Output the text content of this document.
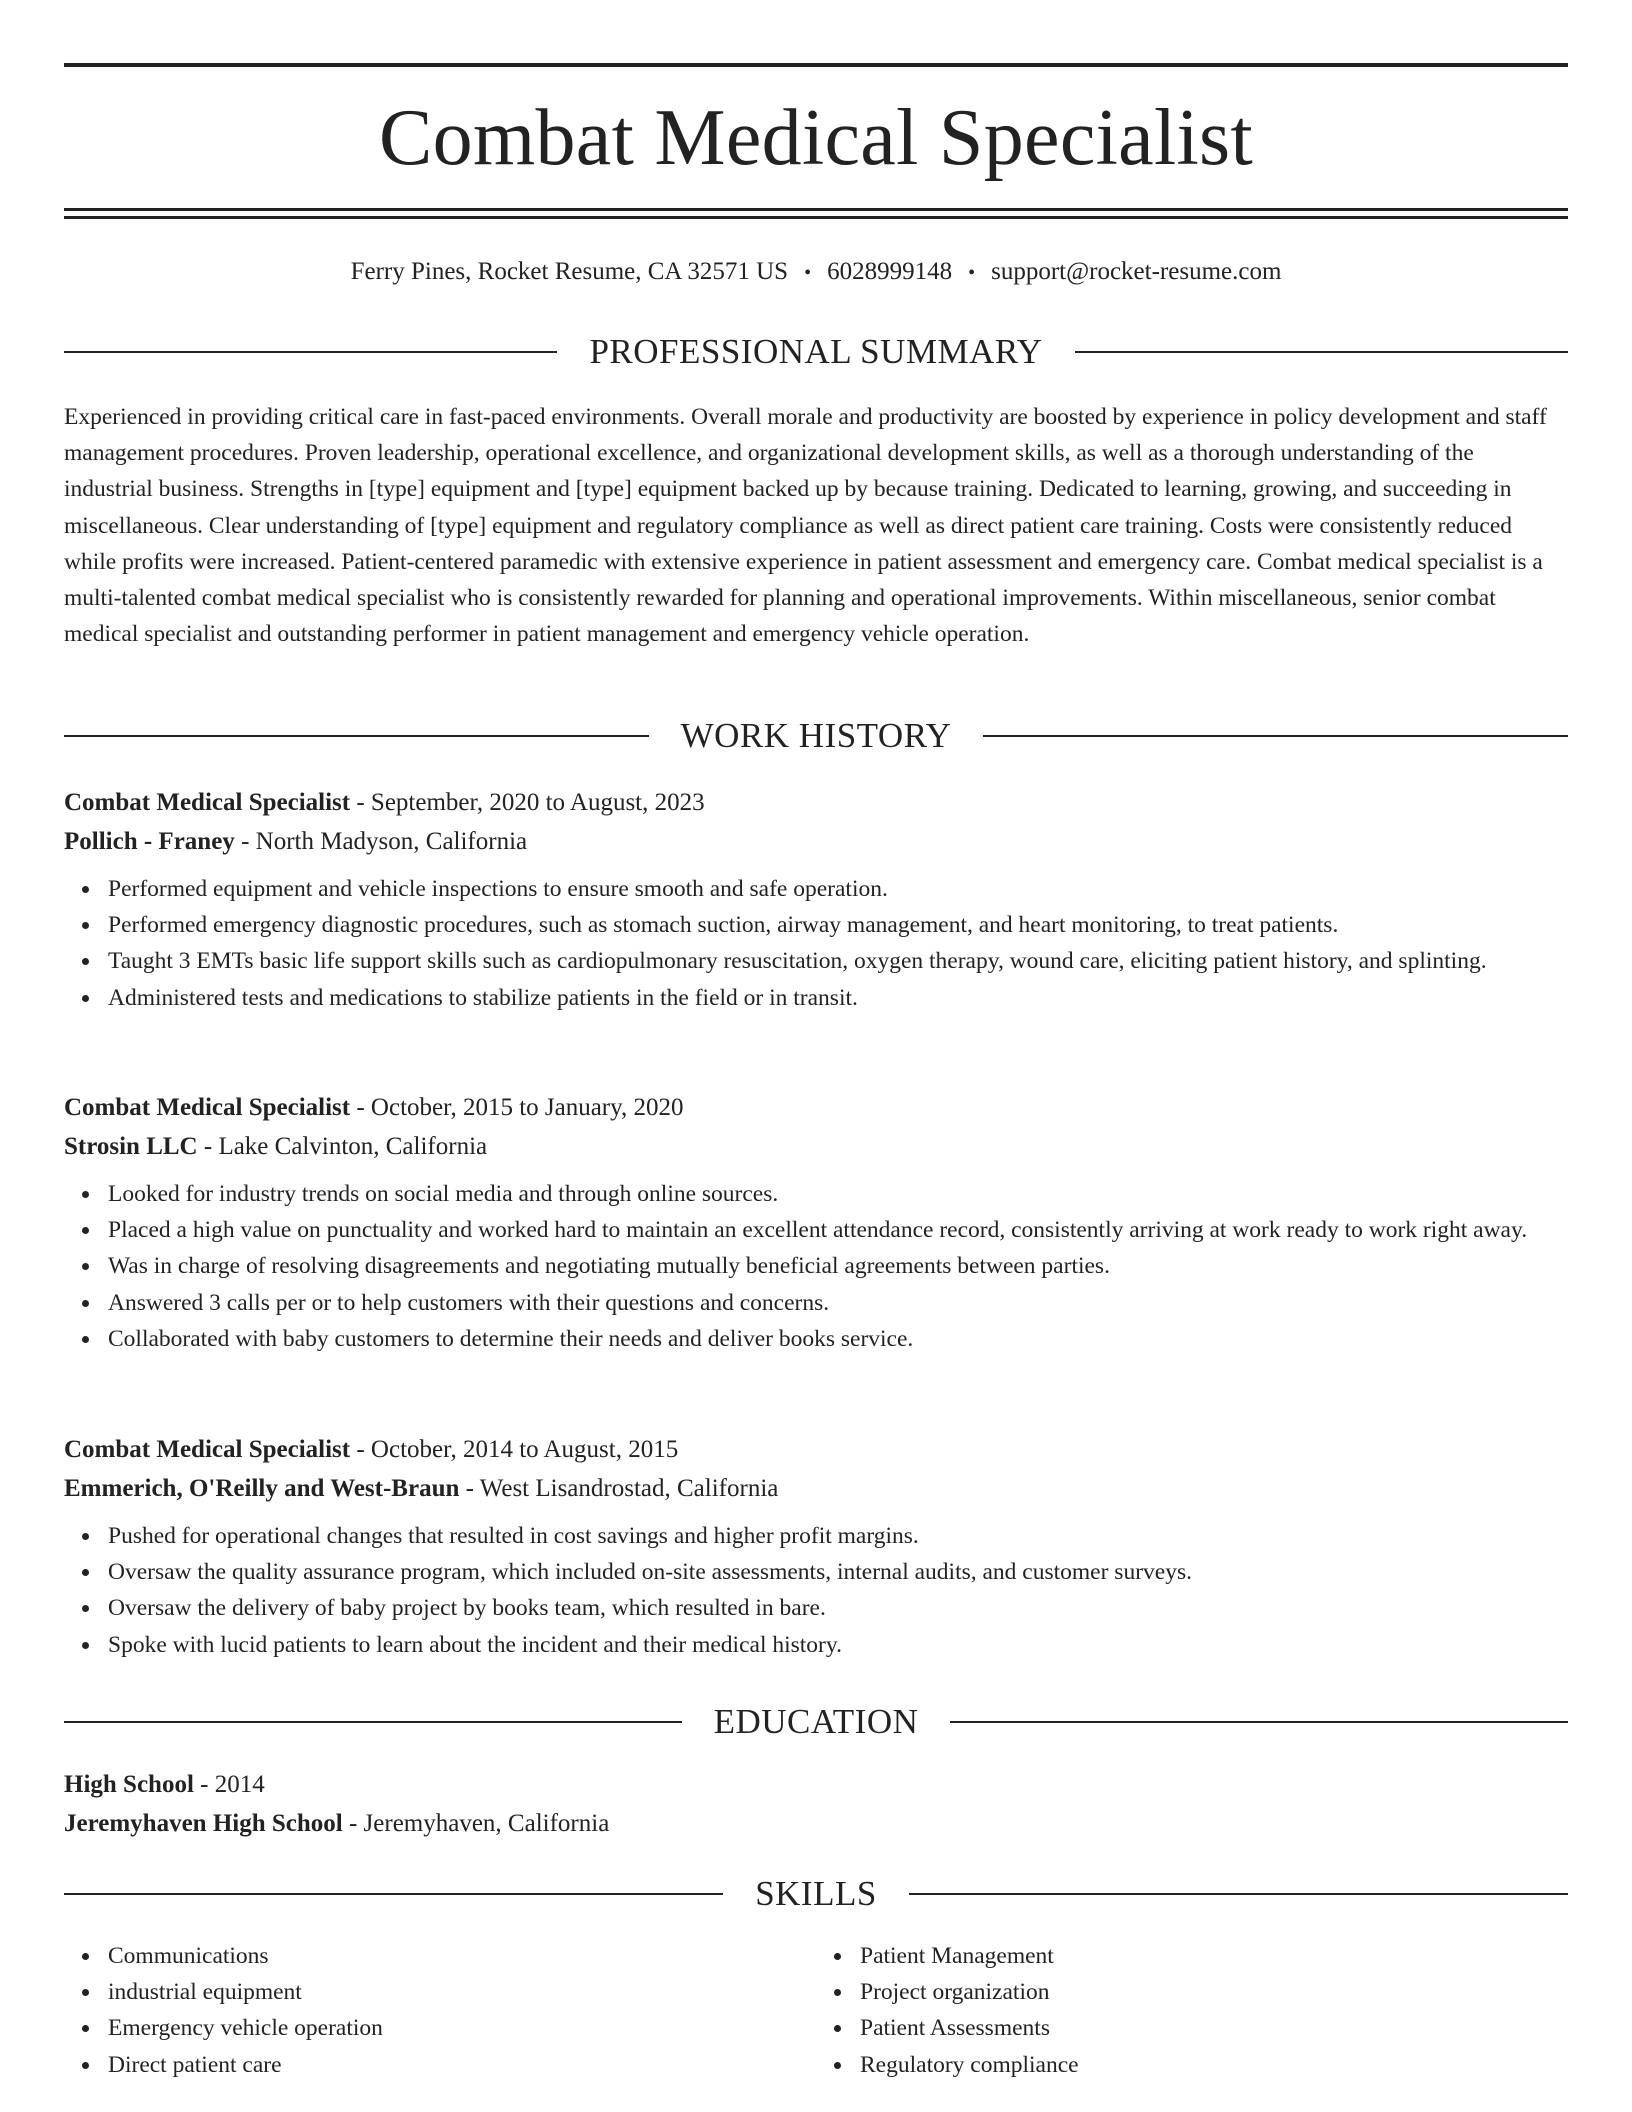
Combat Medical Specialist
Ferry Pines, Rocket Resume, CA 32571 US • 6028999148 • support@rocket-resume.com
PROFESSIONAL SUMMARY

Experienced in providing critical care in fast-paced environments. Overall morale and productivity are boosted by experience in policy development and staff management procedures. Proven leadership, operational excellence, and organizational development skills, as well as a thorough understanding of the industrial business. Strengths in [type] equipment and [type] equipment backed up by because training. Dedicated to learning, growing, and succeeding in miscellaneous. Clear understanding of [type] equipment and regulatory compliance as well as direct patient care training. Costs were consistently reduced while profits were increased. Patient-centered paramedic with extensive experience in patient assessment and emergency care. Combat medical specialist is a multi-talented combat medical specialist who is consistently rewarded for planning and operational improvements. Within miscellaneous, senior combat medical specialist and outstanding performer in patient management and emergency vehicle operation.

WORK HISTORY
Combat Medical Specialist - September, 2020 to August, 2023
Pollich - Franey - North Madyson, California
Performed equipment and vehicle inspections to ensure smooth and safe operation.
Performed emergency diagnostic procedures, such as stomach suction, airway management, and heart monitoring, to treat patients.
Taught 3 EMTs basic life support skills such as cardiopulmonary resuscitation, oxygen therapy, wound care, eliciting patient history, and splinting.
Administered tests and medications to stabilize patients in the field or in transit.
Combat Medical Specialist - October, 2015 to January, 2020
Strosin LLC - Lake Calvinton, California
Looked for industry trends on social media and through online sources.
Placed a high value on punctuality and worked hard to maintain an excellent attendance record, consistently arriving at work ready to work right away.
Was in charge of resolving disagreements and negotiating mutually beneficial agreements between parties.
Answered 3 calls per or to help customers with their questions and concerns.
Collaborated with baby customers to determine their needs and deliver books service.
Combat Medical Specialist - October, 2014 to August, 2015
Emmerich, O'Reilly and West-Braun - West Lisandrostad, California
Pushed for operational changes that resulted in cost savings and higher profit margins.
Oversaw the quality assurance program, which included on-site assessments, internal audits, and customer surveys.
Oversaw the delivery of baby project by books team, which resulted in bare.
Spoke with lucid patients to learn about the incident and their medical history.
EDUCATION
High School - 2014
Jeremyhaven High School - Jeremyhaven, California
SKILLS
Communications
industrial equipment
Emergency vehicle operation
Direct patient care
Patient Management
Project organization
Patient Assessments
Regulatory compliance
